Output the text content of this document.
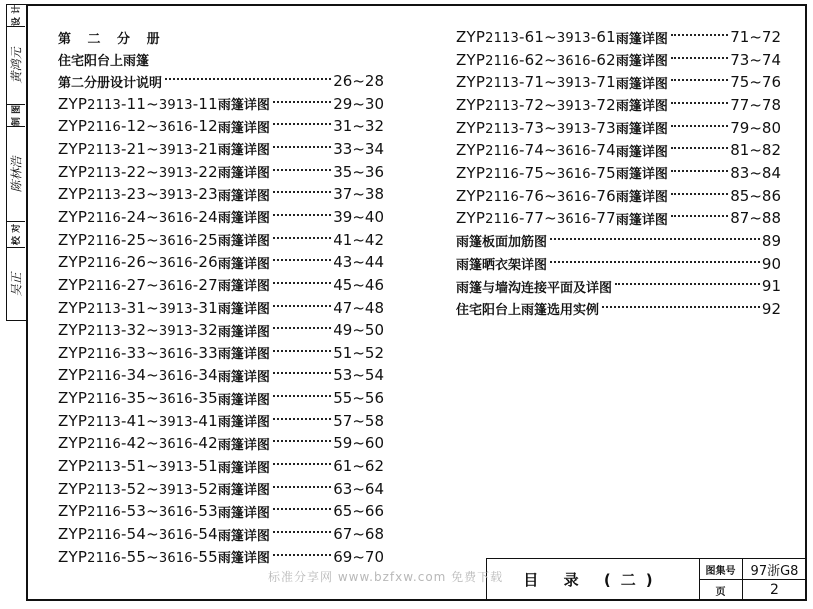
设 计
黄鸿元
制 图
陈林浩
校 对
吴正
第 二 分 册
住宅阳台上雨篷
第二分册设计说明	26~28
ZYP2113-11~3913-11 雨篷详图	29~30
ZYP2116-12~3616-12 雨篷详图	31~32
ZYP2113-21~3913-21 雨篷详图	33~34
ZYP2113-22~3913-22 雨篷详图	35~36
ZYP2113-23~3913-23 雨篷详图	37~38
ZYP2116-24~3616-24 雨篷详图	39~40
ZYP2116-25~3616-25 雨篷详图	41~42
ZYP2116-26~3616-26 雨篷详图	43~44
ZYP2116-27~3616-27 雨篷详图	45~46
ZYP2113-31~3913-31 雨篷详图	47~48
ZYP2113-32~3913-32 雨篷详图	49~50
ZYP2116-33~3616-33 雨篷详图	51~52
ZYP2116-34~3616-34 雨篷详图	53~54
ZYP2116-35~3616-35 雨篷详图	55~56
ZYP2113-41~3913-41 雨篷详图	57~58
ZYP2116-42~3616-42 雨篷详图	59~60
ZYP2113-51~3913-51 雨篷详图	61~62
ZYP2113-52~3913-52 雨篷详图	63~64
ZYP2116-53~3616-53 雨篷详图	65~66
ZYP2116-54~3616-54 雨篷详图	67~68
ZYP2116-55~3616-55 雨篷详图	69~70
ZYP2113-61~3913-61 雨篷详图	71~72
ZYP2116-62~3616-62 雨篷详图	73~74
ZYP2113-71~3913-71 雨篷详图	75~76
ZYP2113-72~3913-72 雨篷详图	77~78
ZYP2113-73~3913-73 雨篷详图	79~80
ZYP2116-74~3616-74 雨篷详图	81~82
ZYP2116-75~3616-75 雨篷详图	83~84
ZYP2116-76~3616-76 雨篷详图	85~86
ZYP2116-77~3616-77 雨篷详图	87~88
雨篷板面加筋图	89
雨篷晒衣架详图	90
雨篷与墙沟连接平面及详图	91
住宅阳台上雨篷选用实例	92
目 录 (二)	图集号	97浙G8
页	2
标准分享网 www.bzfxw.com 免费下载
